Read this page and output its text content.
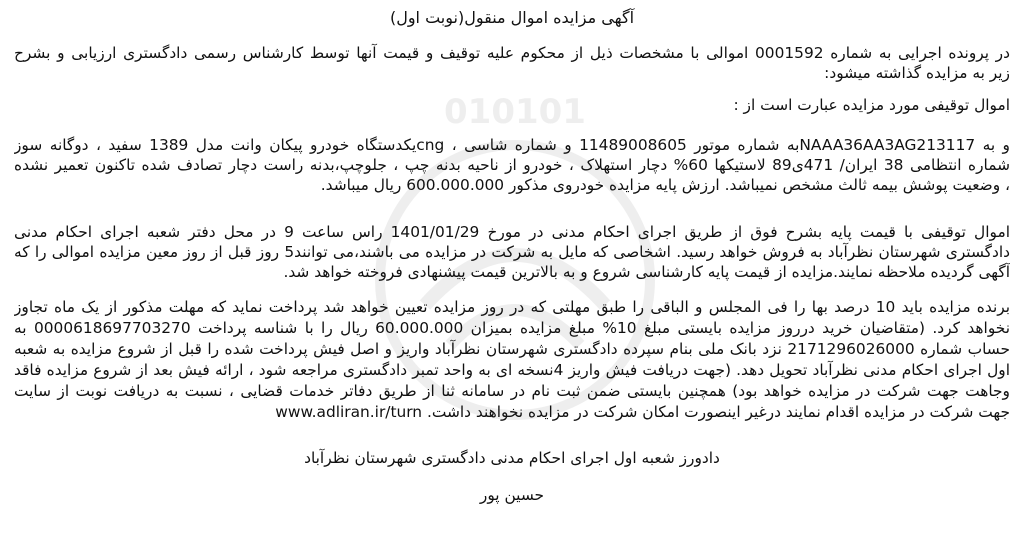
010101
آگهی مزایده اموال منقول(نوبت اول)
در پرونده اجرایی به شماره 0001592 اموالی با مشخصات ذیل از محکوم علیه توقیف و قیمت آنها توسط کارشناس رسمی دادگستری ارزیابی و بشرح
زیر به مزایده گذاشته میشود:
اموال توقیفی مورد مزایده عبارت است از :
و به NAAA36AA3AG213117به شماره موتور 11489008605 و شماره شاسی ، cngیکدستگاه خودرو پیکان وانت مدل 1389 سفید ، دوگانه سوز
شماره انتظامی 38 ایران/ 471ی89 لاستیکها 60% دچار استهلاک ، خودرو از ناحیه بدنه چپ ، جلوچپ،بدنه راست دچار تصادف شده تاکنون تعمیر نشده
، وضعیت پوشش بیمه ثالث مشخص نمیباشد. ارزش پایه مزایده خودروی مذکور 600.000.000 ریال میباشد.
اموال توقیفی با قیمت پایه بشرح فوق از طریق اجرای احکام مدنی در مورخ 1401/01/29 راس ساعت 9 در محل دفتر شعبه اجرای احکام مدنی
دادگستری شهرستان نظرآباد به فروش خواهد رسید. اشخاصی که مایل به شرکت در مزایده می باشند،می توانند5 روز قبل از روز معین مزایده اموالی را که
آگهی گردیده ملاحظه نمایند.مزایده از قیمت پایه کارشناسی شروع و به بالاترین قیمت پیشنهادی فروخته خواهد شد.
برنده مزایده باید 10 درصد بها را فی المجلس و الباقی را طبق مهلتی که در روز مزایده تعیین خواهد شد پرداخت نماید که مهلت مذکور از یک ماه تجاوز
نخواهد کرد. (متقاضیان خرید درروز مزایده بایستی مبلغ 10% مبلغ مزایده بمیزان 60.000.000 ریال را با شناسه پرداخت 0000618697703270 به
حساب شماره 2171296026000 نزد بانک ملی بنام سپرده دادگستری شهرستان نظرآباد واریز و اصل فیش پرداخت شده را قبل از شروع مزایده به شعبه
اول اجرای احکام مدنی نظرآباد تحویل دهد. (جهت دریافت فیش واریز 4نسخه ای به واحد تمبر دادگستری مراجعه شود ، ارائه فیش بعد از شروع مزایده فاقد
وجاهت جهت شرکت در مزایده خواهد بود) همچنین بایستی ضمن ثبت نام در سامانه ثنا از طریق دفاتر خدمات قضایی ، نسبت به دریافت نوبت از سایت
جهت شرکت در مزایده اقدام نمایند درغیر اینصورت امکان شرکت در مزایده نخواهند داشت. www.adliran.ir/turn
دادورز شعبه اول اجرای احکام مدنی دادگستری شهرستان نظرآباد
حسین پور
